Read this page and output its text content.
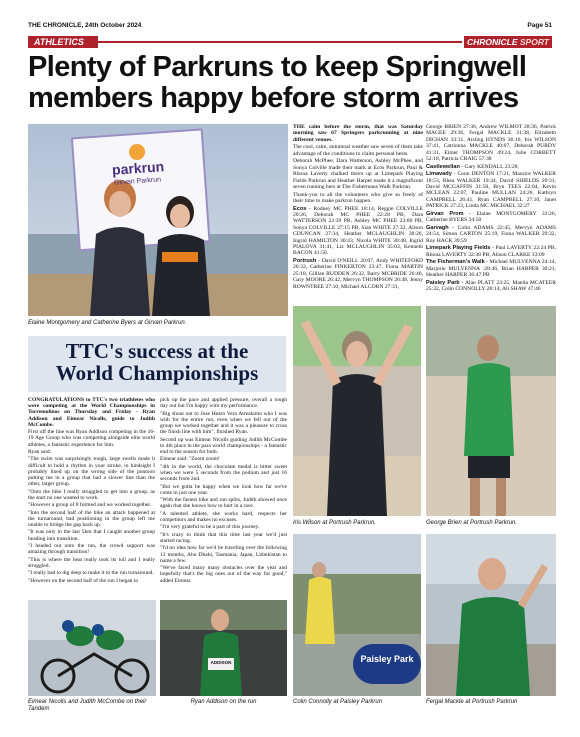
THE CHRONICLE, 24th October 2024	Page 51
ATHLETICS	CHRONICLE SPORT
Plenty of Parkruns to keep Springwell members happy before storm arrives
parkrun
Girvan Parkrun
Elaine Montgomery and Catherine Byers at Girvan Parkrun.

THE calm before the storm, that was Saturday morning saw 67 Springers parkrunning at nine different venues.

The cool, calm, autumnal weather saw seven of them take advantage of the conditions to claim personal bests.

Deborah McPhee, Dara Watterson, Ashley McPhee, and Sonya Colville made their mark at Ecos Parkrun, Paul & Rhona Laverty chalked theirs up at Limepark Playing Fields Parkrun and Heather Harper made it a magnificent seven running hers at The Fishermans Walk Parkrun.

Thank-you to all the volunteers who give so freely of their time to make parkrun happen.

Ecos - Rodney MC PHEE 18:14, Reggie COLVILLE 20:36, Deborah MC PHEE 22:28 PB, Dara WATTERSON 22:39 PB, Ashley MC PHEE 23:00 PB, Sonya COLVILLE 27:15 PB, Sian WHITE 27:32, Alison CDUNCAN 27:34, Heather MCLAUGHLIN 30:26, Ingrid HAMILTON 30:43, Nicola WHITE 30:48, Ingrid PIALOVA 31:41, Liz MCLAUGHLIN 35:03, Kenneth BACON 41:50.

Portrush - David O'NEILL 20:07, Andy WHITEFORD 20:32, Catherine FINKERTON 23:47, Fiona MARTIN 25:18, Gillian RUDDEN 26:32, Barry MCBRIDE 26:40, Gary MOORE 26:42, Mervyn THOMPSON 26:48, Jenny ROWNTREE 27:10, Michael ALCORN 27:31,

George BRIEN 27:36, Andrew WILMOT 28:36, Patrick MAGEE 29:36, Fergal MACKLE 31:38, Elizabeth DIGHAN 33:31, Aisling HYNDS 36:16, Iris WILSON 37:41, Catrionna MACKLE 40:07, Deborah PURDY 41:31, Eimer THOMPSON 49:24, Julie CORBETT 52:18, Patricia CRAIG 57:38

Castlewellan - Gary KENDALL 23:28,

Limavady - Conn DENTON 17:21, Maurice WALKER 18:53, Rhea WALKER 19:34, David SHIELDS 20:31, David MCGAFFIN 21:50, Bryn TEES 22:04, Kevin MCLEAN 22:07, Pauline MULLAN 24:26, Kathryn CAMPBELL 26:41, Ryan CAMPBELL 27:10, Janet PATRICK 27:23, Linda MC MICHAEL 32:27

Girvan Prom - Elaine MONTGOMERY 33:26, Catherine BYERS 34:50

Garvagh - Colin ADAMS 22:45, Mervyn ADAMS 24:54, Simon CARTON 25:19, Fiona WALKER 29:32, Roy HACK 39:59

Limepark Playing Fields - Paul LAVERTY 22:24 PB, Rhona LAVERTY 32:38 PB, Alison CLARKE 33:09

The Fisherman's Walk - Michael MULVENNA 24:14, Marjorie MULVENNA :28:46, Brian HARPER 30:21, Heather HARPER 36:47 PB

Paisley Park - Alan PLATT 23:25, Maeila MCATEER 25:32, Colin CONNOLLY 28:14, Ali SHAW 47:46

TTC's success at the
World Championships

CONGRATULATIONS to TTC's two triathletes who were competing at the World Championships in Torremolinos on Thursday and Friday - Ryan Addison and Eimear Nicolls, guide to Judith McCombe.

First off the line was Ryan Addison competing in the 16-19 Age Group who was competing alongside elite world athletes, a fantastic experience for him.

Ryan said:

"The swim was surprisingly tough, large swells made it difficult to hold a rhythm in your stroke, in hindsight I probably lined up on the wrong side of the pontoon putting me in a group that had a slower line than the other, larger group.

"Onto the bike I really struggled to get into a group, as the start no one wanted to work.

"However a group of 8 formed and we worked together.

"Into the second half of the bike an attack happened at the turnaround, bad positioning in the group left me unable to bridge the gap back up.

"It was only in the last 5km that I caught another group heading into transition.

"I headed out onto the run, the crowd support was amazing through transition!

"This is where the heat really took its toll and I really struggled.

"I really had to dig deep to make it to the run turnaround.

"However on the second half of the run I began to

pick up the pace and applied pressure, overall a tough day out but I'm happy with my performance.

"Big shout out to Jose Hearn Vera Atreakimo who I was with for the entire run, even when we fell out of the group we worked together and it was a pleasure to cross the finish line with him", finished Ryan.

Second up was Eimear Nicolls guiding Judith McCombe to 4th place in the para world championships - a fantastic end to the season for both.

Eimear said: "Zoom zoom!

"4th in the world, the chocolate medal is bitter sweet when we were 5 seconds from the podium and just 16 seconds from 2nd.

"But we gotta be happy when we look how far we've come in just one year.

"With the fastest bike and run splits, Judith showed once again that she knows how to hurt in a race.

"A talented athlete, she works hard, respects her competitors and makes no excuses.

"I'm very grateful to be a part of this journey.

"It's crazy to think that this time last year we'd just started racing.

"I'd no idea how far we'd be traveling over the following 12 months, Abu Dhabi, Tasmania, Japan, Uzbekistan to name a few.

"We've faced many many obstacles over the year and hopefully that's the big ones out of the way for good," added Eimear.

Iris Wilson at Portrush Parkrun.	George Brien at Portrush Parkrun.
Eimear Nicolls and Judith McCombe on their Tandem
ADDISON
Ryan Addison on the run
Paisley Park
Colin Connolly at Paisley Parkrun	Fergal Mackle at Portrush Parkrun
